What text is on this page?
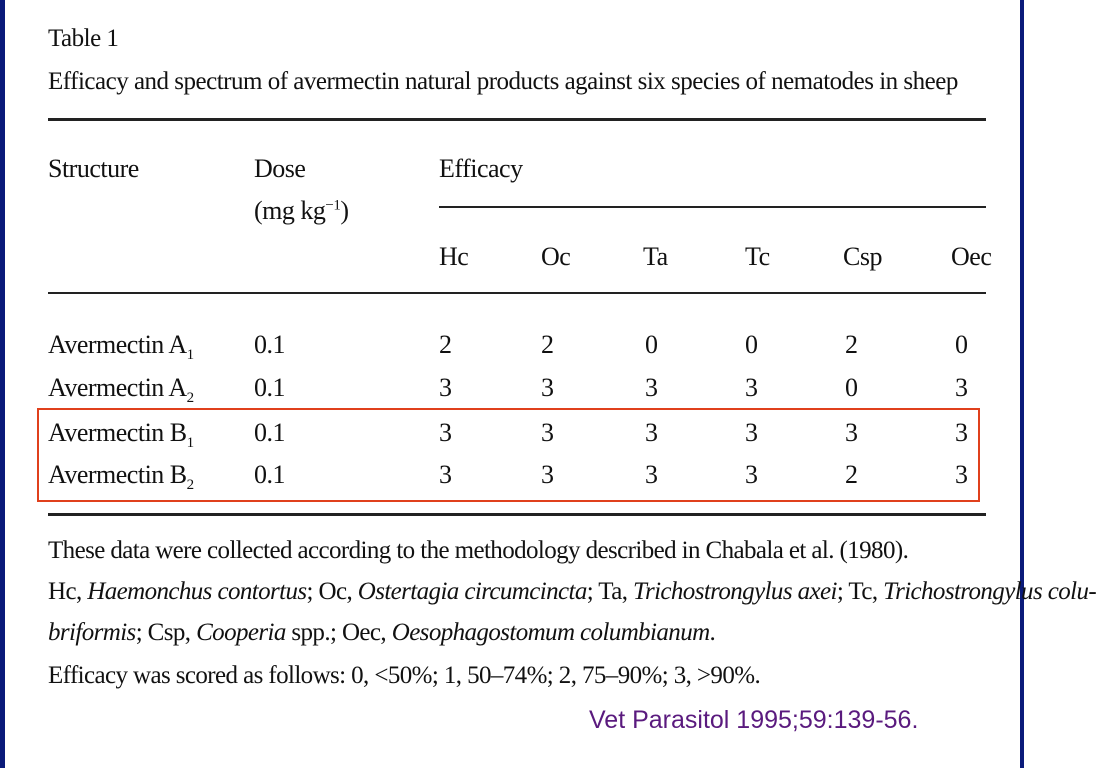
Table 1
Efficacy and spectrum of avermectin natural products against six species of nematodes in sheep
Structure	Dose
(mg $kg^{-1}$)
Efficacy
Hc	Oc	Ta	Tc	Csp	Oec
Avermectin $A_1$ 0.1	2	2	0	0	2	0
Avermectin $A_2$ 0.1	3	3	3	3	0	3
Avermectin $B_1$ 0.1	3	3	3	3	3	3
Avermectin $B_2$ 0.1	3	3	3	3	2	3
These data were collected according to the methodology described in Chabala et al. (1980).
Hc, Haemonchus contortus; Oc, Ostertagia circumcincta; Ta, Trichostrongylus axei; Tc, Trichostrongylus colu-
briformis; Csp, Cooperia spp.; Oec, Oesophagostomum columbianum.
Efficacy was scored as follows: 0, <50%; 1, 50–74%; 2, 75–90%; 3, >90%.
Vet Parasitol 1995;59:139-56.
